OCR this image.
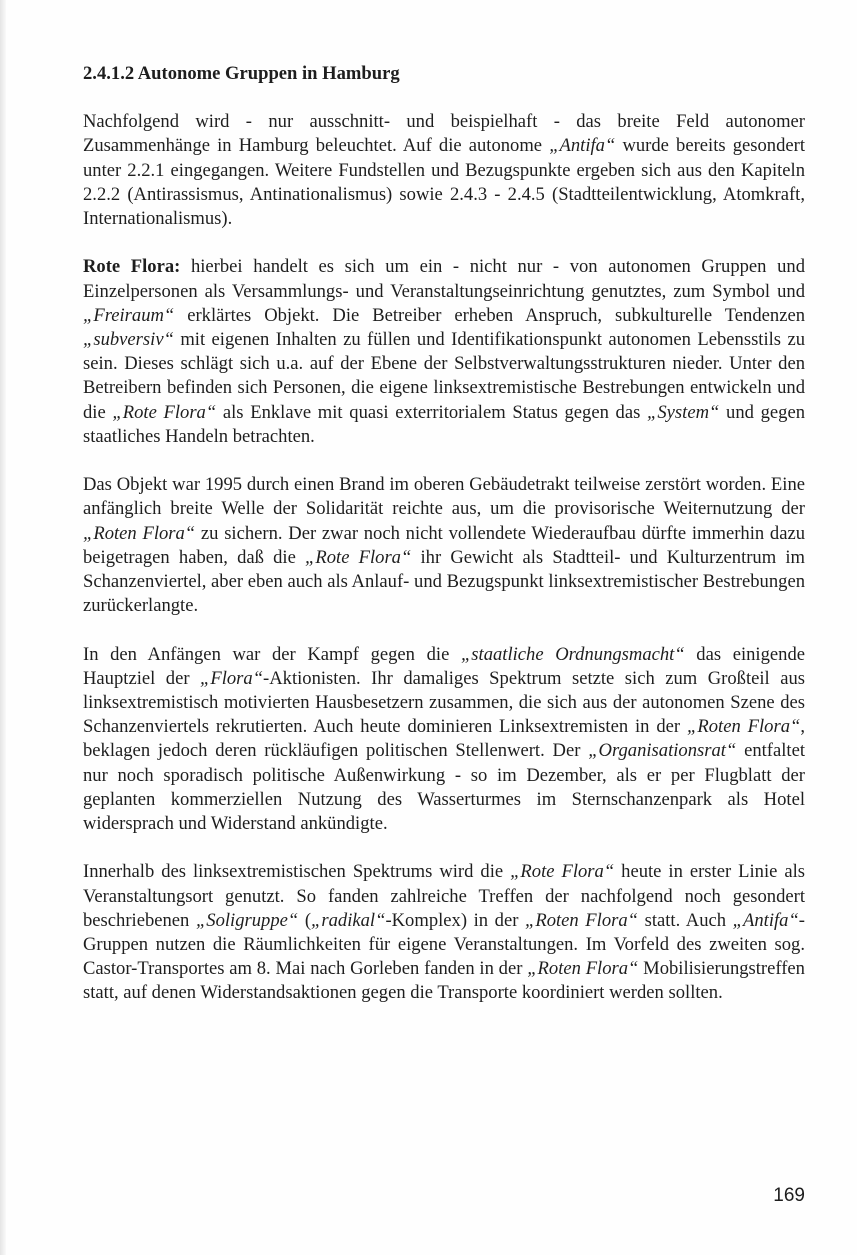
2.4.1.2 Autonome Gruppen in Hamburg

Nachfolgend wird - nur ausschnitt- und beispielhaft - das breite Feld autonomer Zusammenhänge in Hamburg beleuchtet. Auf die autonome „Antifa“ wurde bereits gesondert unter 2.2.1 eingegangen. Weitere Fundstellen und Bezugspunkte ergeben sich aus den Kapiteln 2.2.2 (Antirassismus, Antinationalismus) sowie 2.4.3 - 2.4.5 (Stadtteilentwicklung, Atomkraft, Internationalismus).

Rote Flora: hierbei handelt es sich um ein - nicht nur - von autonomen Gruppen und Einzelpersonen als Versammlungs- und Veranstaltungseinrichtung genutztes, zum Symbol und „Freiraum“ erklärtes Objekt. Die Betreiber erheben Anspruch, subkulturelle Tendenzen „subversiv“ mit eigenen Inhalten zu füllen und Identifikationspunkt autonomen Lebensstils zu sein. Dieses schlägt sich u.a. auf der Ebene der Selbstverwaltungsstrukturen nieder. Unter den Betreibern befinden sich Personen, die eigene linksextremistische Bestrebungen entwickeln und die „Rote Flora“ als Enklave mit quasi exterritorialem Status gegen das „System“ und gegen staatliches Handeln betrachten.

Das Objekt war 1995 durch einen Brand im oberen Gebäudetrakt teilweise zerstört worden. Eine anfänglich breite Welle der Solidarität reichte aus, um die provisorische Weiternutzung der „Roten Flora“ zu sichern. Der zwar noch nicht vollendete Wiederaufbau dürfte immerhin dazu beigetragen haben, daß die „Rote Flora“ ihr Gewicht als Stadtteil- und Kulturzentrum im Schanzenviertel, aber eben auch als Anlauf- und Bezugspunkt linksextremistischer Bestrebungen zurückerlangte.

In den Anfängen war der Kampf gegen die „staatliche Ordnungsmacht“ das einigende Hauptziel der „Flora“-Aktionisten. Ihr damaliges Spektrum setzte sich zum Großteil aus linksextremistisch motivierten Hausbesetzern zusammen, die sich aus der autonomen Szene des Schanzenviertels rekrutierten. Auch heute dominieren Linksextremisten in der „Roten Flora“, beklagen jedoch deren rückläufigen politischen Stellenwert. Der „Organisationsrat“ entfaltet nur noch sporadisch politische Außenwirkung - so im Dezember, als er per Flugblatt der geplanten kommerziellen Nutzung des Wasserturmes im Sternschanzenpark als Hotel widersprach und Widerstand ankündigte.

Innerhalb des linksextremistischen Spektrums wird die „Rote Flora“ heute in erster Linie als Veranstaltungsort genutzt. So fanden zahlreiche Treffen der nachfolgend noch gesondert beschriebenen „Soligruppe“ („radikal“-Komplex) in der „Roten Flora“ statt. Auch „Antifa“-Gruppen nutzen die Räumlichkeiten für eigene Veranstaltungen. Im Vorfeld des zweiten sog. Castor-Transportes am 8. Mai nach Gorleben fanden in der „Roten Flora“ Mobilisierungstreffen statt, auf denen Widerstandsaktionen gegen die Transporte koordiniert werden sollten.

169
